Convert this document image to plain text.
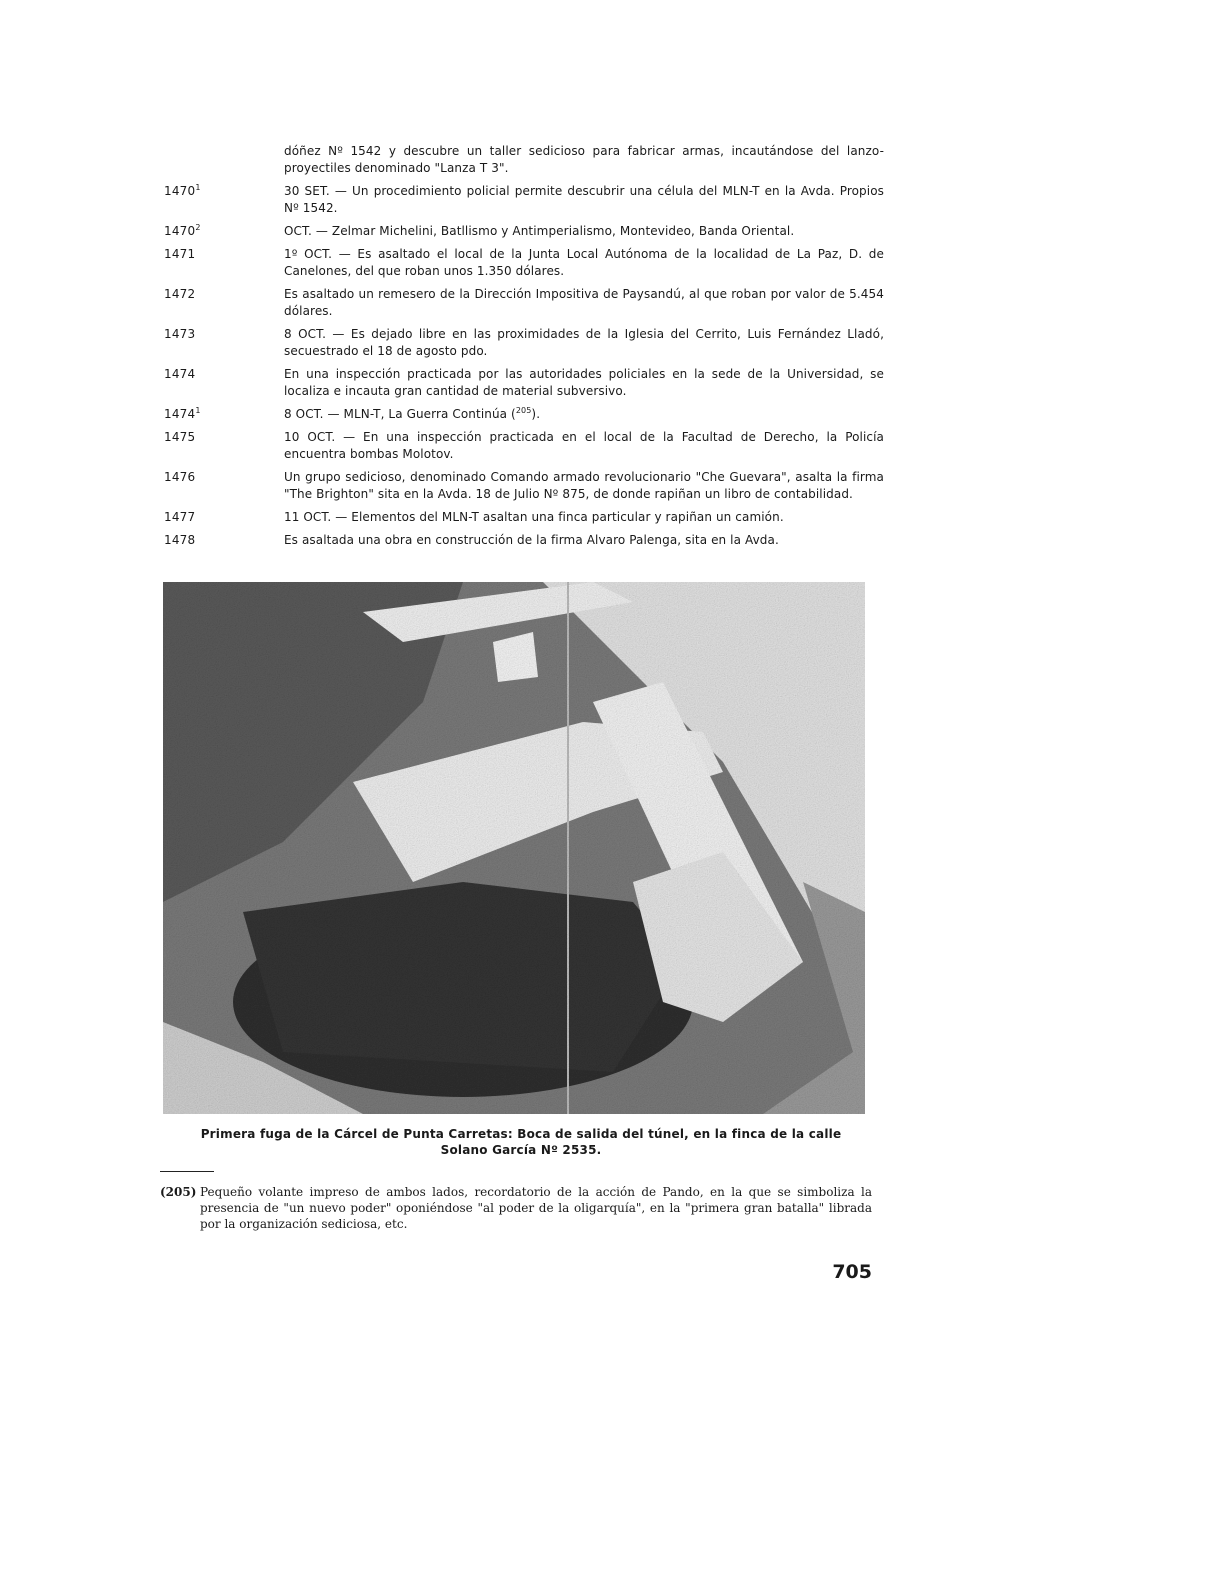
dóñez Nº 1542 y descubre un taller sedicioso para fabricar armas, incautándose del lanzo-proyectiles denominado "Lanza T 3".
1470$^1$	30 SET. — Un procedimiento policial permite descubrir una célula del MLN-T en la Avda. Propios Nº 1542.
1470$^2$	OCT. — Zelmar Michelini, Batllismo y Antimperialismo, Montevideo, Banda Oriental.
1471	1º OCT. — Es asaltado el local de la Junta Local Autónoma de la localidad de La Paz, D. de Canelones, del que roban unos 1.350 dólares.
1472	Es asaltado un remesero de la Dirección Impositiva de Paysandú, al que roban por valor de 5.454 dólares.
1473	8 OCT. — Es dejado libre en las proximidades de la Iglesia del Cerrito, Luis Fernández Lladó, secuestrado el 18 de agosto pdo.
1474	En una inspección practicada por las autoridades policiales en la sede de la Universidad, se localiza e incauta gran cantidad de material subversivo.
1474$^1$	8 OCT. — MLN-T, La Guerra Continúa ($^{205}$).
1475	10 OCT. — En una inspección practicada en el local de la Facultad de Derecho, la Policía encuentra bombas Molotov.
1476	Un grupo sedicioso, denominado Comando armado revolucionario "Che Guevara", asalta la firma "The Brighton" sita en la Avda. 18 de Julio Nº 875, de donde rapiñan un libro de contabilidad.
1477	11 OCT. — Elementos del MLN-T asaltan una finca particular y rapiñan un camión.
1478	Es asaltada una obra en construcción de la firma Alvaro Palenga, sita en la Avda.
Primera fuga de la Cárcel de Punta Carretas: Boca de salida del túnel, en la finca de la calle
Solano García Nº 2535.
(205) Pequeño volante impreso de ambos lados, recordatorio de la acción de Pando, en la que se simboliza la presencia de "un nuevo poder" oponiéndose "al poder de la oligarquía", en la "primera gran batalla" librada por la organización sediciosa, etc.
705
